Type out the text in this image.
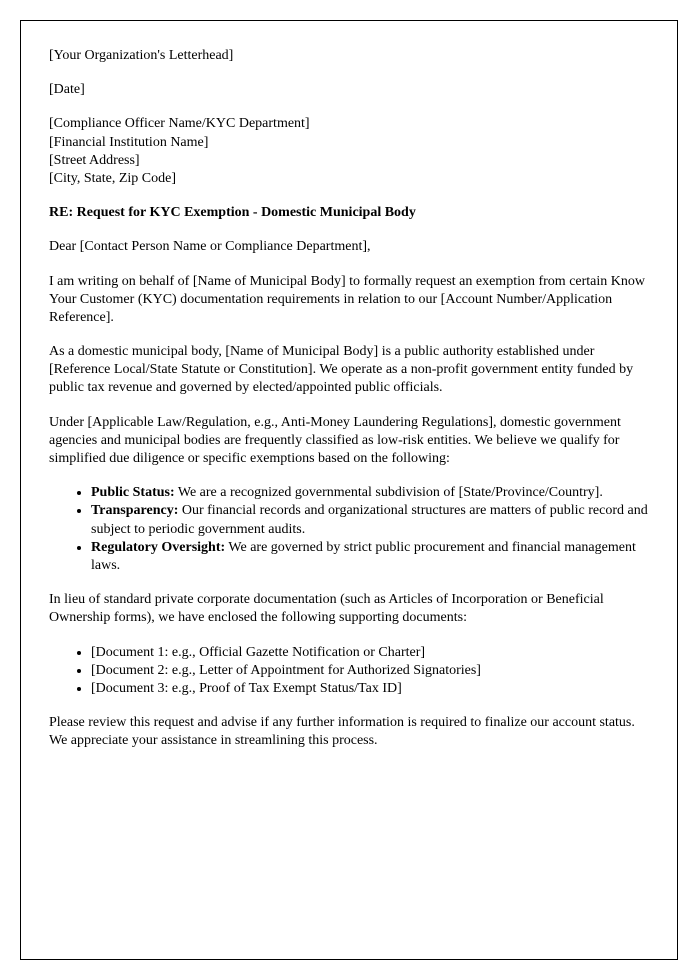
[Your Organization's Letterhead]

[Date]

[Compliance Officer Name/KYC Department]

[Financial Institution Name]

[Street Address]

[City, State, Zip Code]

RE: Request for KYC Exemption - Domestic Municipal Body

Dear [Contact Person Name or Compliance Department],

I am writing on behalf of [Name of Municipal Body] to formally request an exemption from certain Know Your Customer (KYC) documentation requirements in relation to our [Account Number/Application Reference].

As a domestic municipal body, [Name of Municipal Body] is a public authority established under [Reference Local/State Statute or Constitution]. We operate as a non-profit government entity funded by public tax revenue and governed by elected/appointed public officials.

Under [Applicable Law/Regulation, e.g., Anti-Money Laundering Regulations], domestic government agencies and municipal bodies are frequently classified as low-risk entities. We believe we qualify for simplified due diligence or specific exemptions based on the following:

• Public Status: We are a recognized governmental subdivision of [State/Province/Country].
• Transparency: Our financial records and organizational structures are matters of public record and subject to periodic government audits.
• Regulatory Oversight: We are governed by strict public procurement and financial management laws.

In lieu of standard private corporate documentation (such as Articles of Incorporation or Beneficial Ownership forms), we have enclosed the following supporting documents:

• [Document 1: e.g., Official Gazette Notification or Charter]
• [Document 2: e.g., Letter of Appointment for Authorized Signatories]
• [Document 3: e.g., Proof of Tax Exempt Status/Tax ID]

Please review this request and advise if any further information is required to finalize our account status. We appreciate your assistance in streamlining this process.
